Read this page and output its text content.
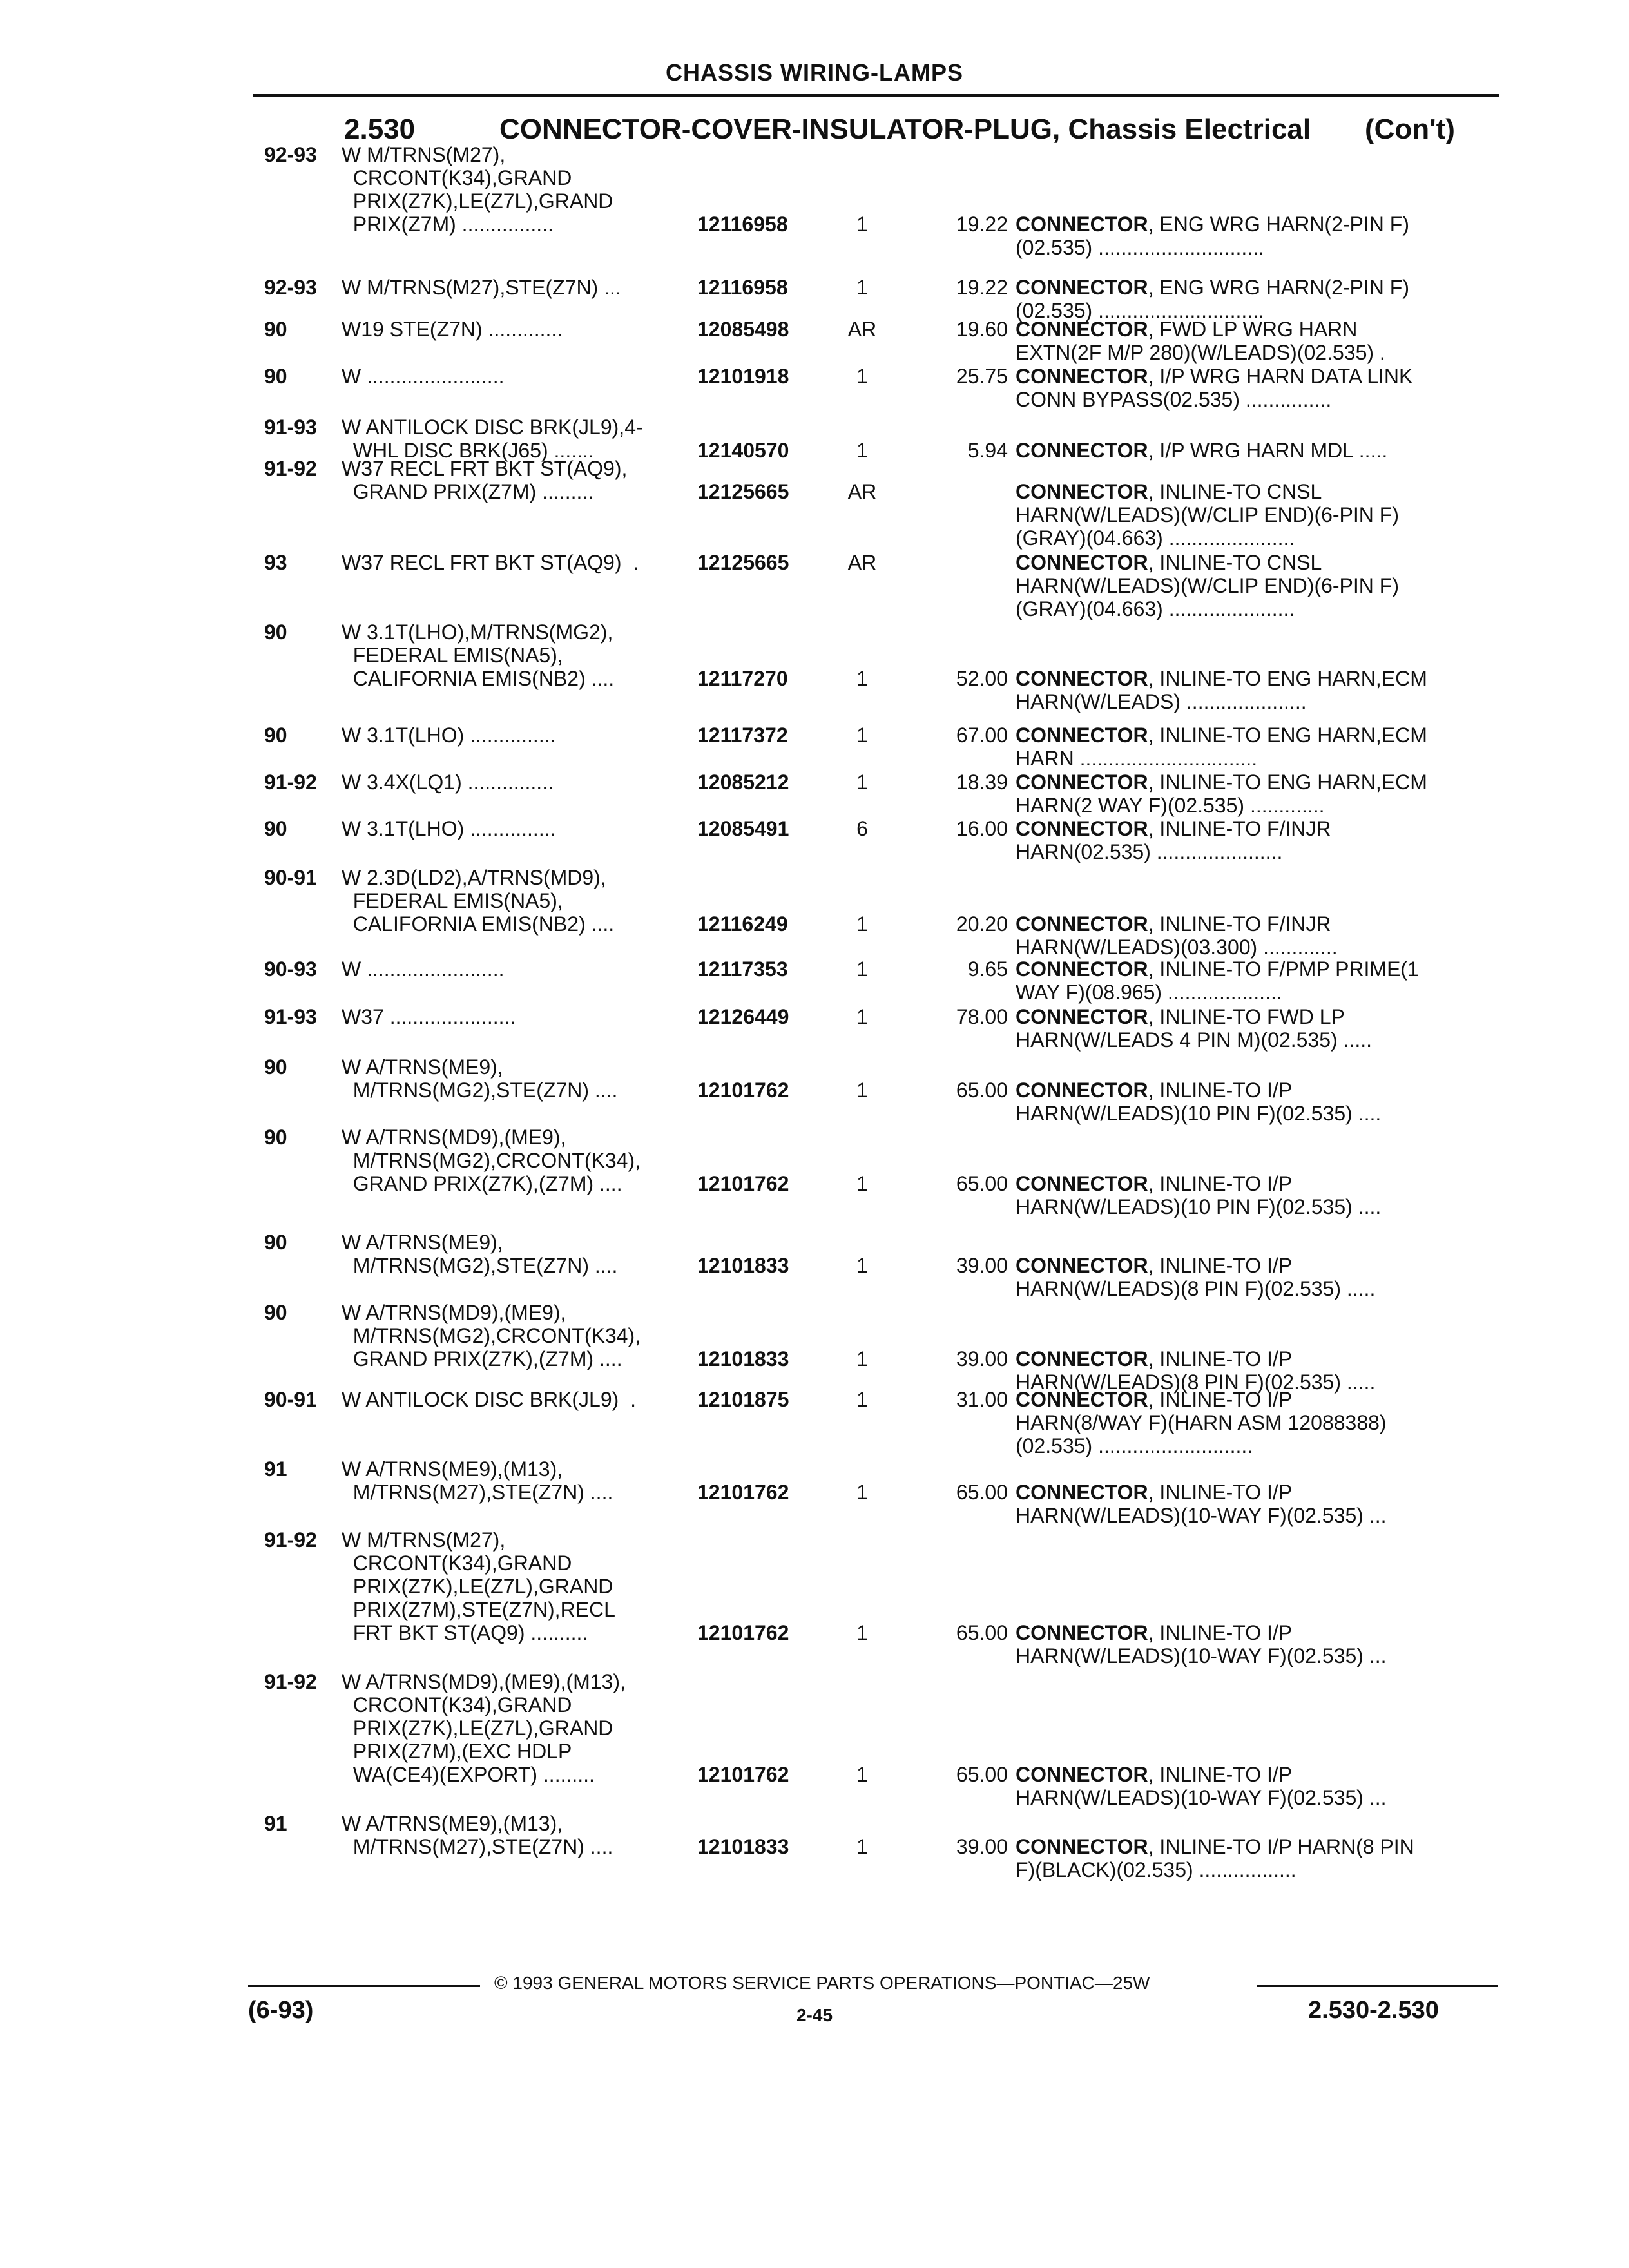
CHASSIS WIRING-LAMPS
2.530	CONNECTOR-COVER-INSULATOR-PLUG, Chassis Electrical (Con't)
92-93 W M/TRNS(M27),
CRCONT(K34),GRAND
PRIX(Z7K),LE(Z7L),GRAND
PRIX(Z7M) ................	12116958	1	19.22 CONNECTOR, ENG WRG HARN(2-PIN F)
(02.535) .............................
92-93 W M/TRNS(M27),STE(Z7N) ...	12116958	1	19.22 CONNECTOR, ENG WRG HARN(2-PIN F)
(02.535) .............................
90	W19 STE(Z7N) .............	12085498	AR	19.60 CONNECTOR, FWD LP WRG HARN
EXTN(2F M/P 280)(W/LEADS)(02.535) .
90	W ........................	12101918	1	25.75 CONNECTOR, I/P WRG HARN DATA LINK
CONN BYPASS(02.535) ...............
91-93 W ANTILOCK DISC BRK(JL9),4-
WHL DISC BRK(J65) .......	12140570	1	5.94 CONNECTOR, I/P WRG HARN MDL .....
91-92 W37 RECL FRT BKT ST(AQ9),
GRAND PRIX(Z7M) .........	12125665	AR	CONNECTOR, INLINE-TO CNSL
HARN(W/LEADS)(W/CLIP END)(6-PIN F)
(GRAY)(04.663) ......................
93	W37 RECL FRT BKT ST(AQ9)  .	12125665	AR	CONNECTOR, INLINE-TO CNSL
HARN(W/LEADS)(W/CLIP END)(6-PIN F)
(GRAY)(04.663) ......................
90	W 3.1T(LHO),M/TRNS(MG2),
FEDERAL EMIS(NA5),
CALIFORNIA EMIS(NB2) ....	12117270	1	52.00 CONNECTOR, INLINE-TO ENG HARN,ECM
HARN(W/LEADS) .....................
90	W 3.1T(LHO) ...............	12117372	1	67.00 CONNECTOR, INLINE-TO ENG HARN,ECM
HARN ...............................
91-92 W 3.4X(LQ1) ...............	12085212	1	18.39 CONNECTOR, INLINE-TO ENG HARN,ECM
HARN(2 WAY F)(02.535) .............
90	W 3.1T(LHO) ...............	12085491	6	16.00 CONNECTOR, INLINE-TO F/INJR
HARN(02.535) ......................
90-91 W 2.3D(LD2),A/TRNS(MD9),
FEDERAL EMIS(NA5),
CALIFORNIA EMIS(NB2) ....	12116249	1	20.20 CONNECTOR, INLINE-TO F/INJR
HARN(W/LEADS)(03.300) .............
90-93 W ........................	12117353	1	9.65 CONNECTOR, INLINE-TO F/PMP PRIME(1
WAY F)(08.965) ....................
91-93 W37 ......................	12126449	1	78.00 CONNECTOR, INLINE-TO FWD LP
HARN(W/LEADS 4 PIN M)(02.535) .....
90	W A/TRNS(ME9),
M/TRNS(MG2),STE(Z7N) ....	12101762	1	65.00 CONNECTOR, INLINE-TO I/P
HARN(W/LEADS)(10 PIN F)(02.535) ....
90	W A/TRNS(MD9),(ME9),
M/TRNS(MG2),CRCONT(K34),
GRAND PRIX(Z7K),(Z7M) ....	12101762	1	65.00 CONNECTOR, INLINE-TO I/P
HARN(W/LEADS)(10 PIN F)(02.535) ....
90	W A/TRNS(ME9),
M/TRNS(MG2),STE(Z7N) ....	12101833	1	39.00 CONNECTOR, INLINE-TO I/P
HARN(W/LEADS)(8 PIN F)(02.535) .....
90	W A/TRNS(MD9),(ME9),
M/TRNS(MG2),CRCONT(K34),
GRAND PRIX(Z7K),(Z7M) ....	12101833	1	39.00 CONNECTOR, INLINE-TO I/P
HARN(W/LEADS)(8 PIN F)(02.535) .....
90-91 W ANTILOCK DISC BRK(JL9)  .	12101875	1	31.00 CONNECTOR, INLINE-TO I/P
HARN(8/WAY F)(HARN ASM 12088388)
(02.535) ...........................
91	W A/TRNS(ME9),(M13),
M/TRNS(M27),STE(Z7N) ....	12101762	1	65.00 CONNECTOR, INLINE-TO I/P
HARN(W/LEADS)(10-WAY F)(02.535) ...
91-92 W M/TRNS(M27),
CRCONT(K34),GRAND
PRIX(Z7K),LE(Z7L),GRAND
PRIX(Z7M),STE(Z7N),RECL
FRT BKT ST(AQ9) ..........	12101762	1	65.00 CONNECTOR, INLINE-TO I/P
HARN(W/LEADS)(10-WAY F)(02.535) ...
91-92 W A/TRNS(MD9),(ME9),(M13),
CRCONT(K34),GRAND
PRIX(Z7K),LE(Z7L),GRAND
PRIX(Z7M),(EXC HDLP
WA(CE4)(EXPORT) .........	12101762	1	65.00 CONNECTOR, INLINE-TO I/P
HARN(W/LEADS)(10-WAY F)(02.535) ...
91	W A/TRNS(ME9),(M13),
M/TRNS(M27),STE(Z7N) ....	12101833	1	39.00 CONNECTOR, INLINE-TO I/P HARN(8 PIN
F)(BLACK)(02.535) .................
© 1993 GENERAL MOTORS SERVICE PARTS OPERATIONS—PONTIAC—25W
(6-93)	2-45	2.530-2.530
